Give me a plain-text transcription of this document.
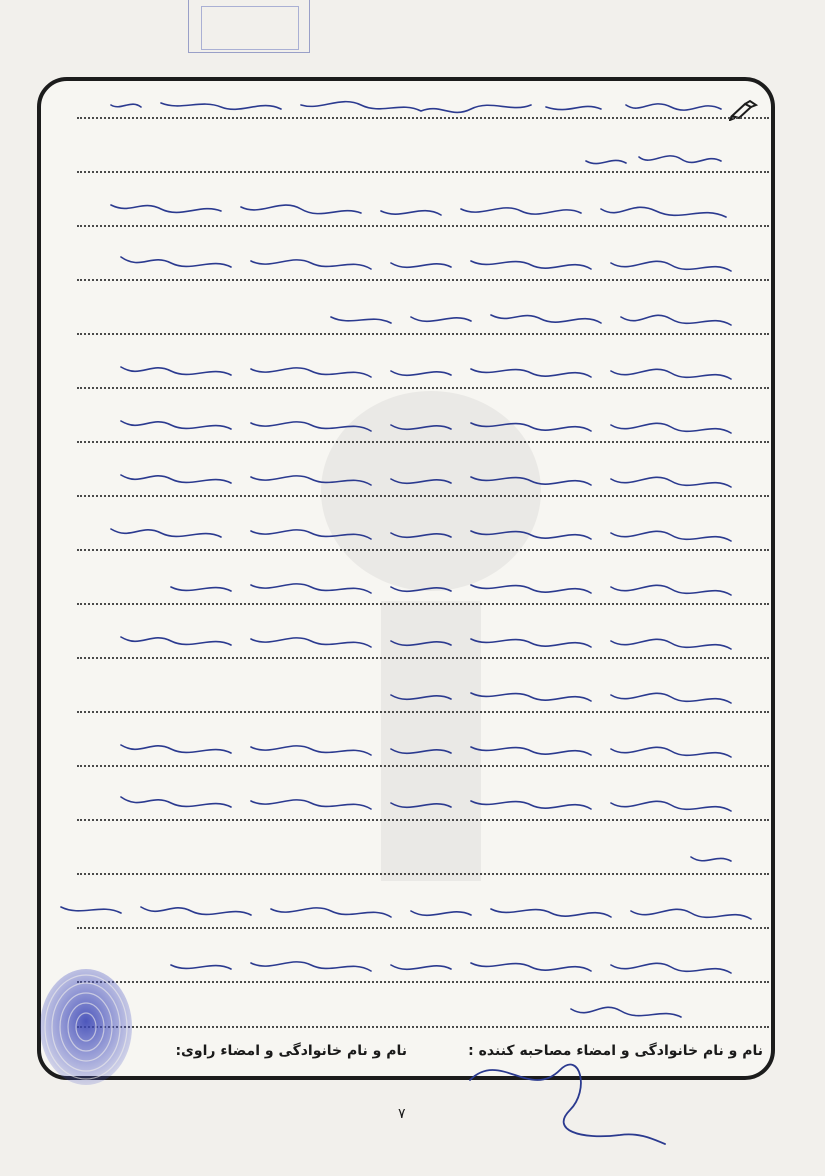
نام و نام خانوادگی و امضاء مصاحبه کننده :
نام و نام خانوادگی و امضاء راوی:
۷
